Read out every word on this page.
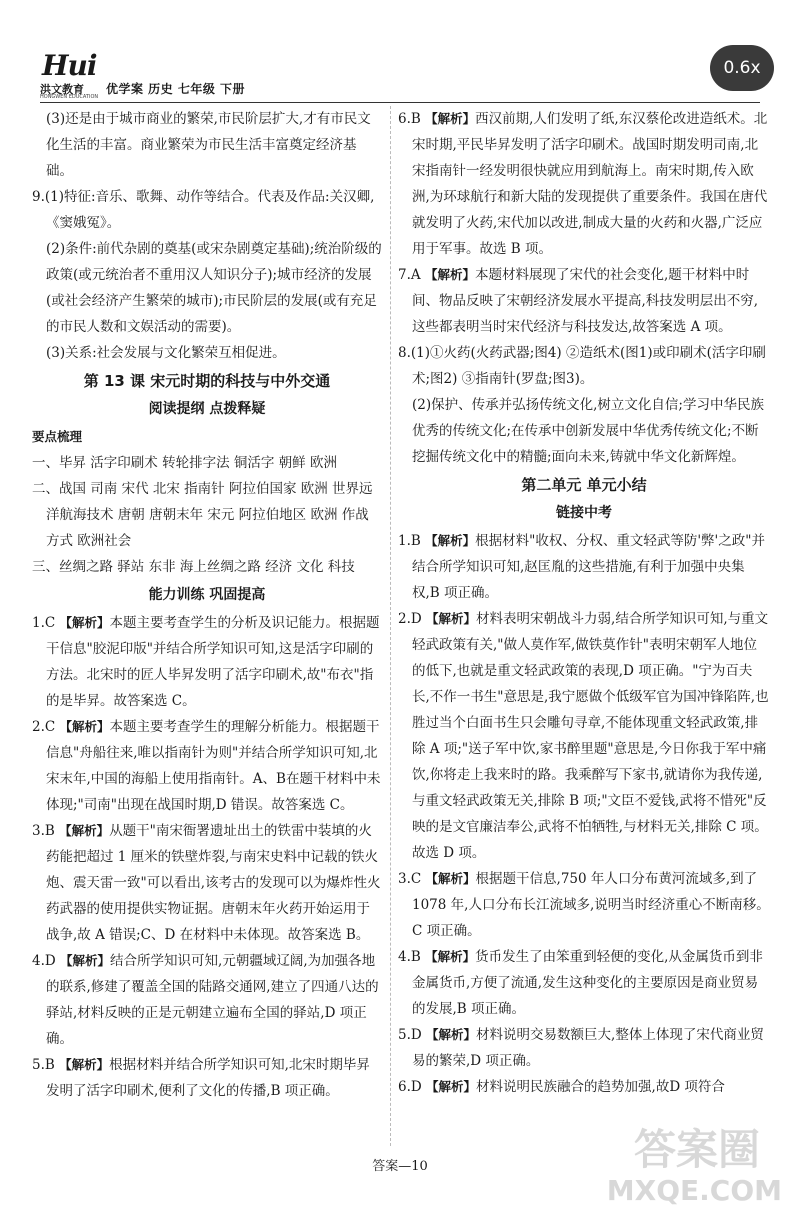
Hui
洪文教育
HONGWEN EDUCATION
优学案 历史 七年级 下册
0.6x

(3)还是由于城市商业的繁荣,市民阶层扩大,才有市民文化生活的丰富。商业繁荣为市民生活丰富奠定经济基础。

9.(1)特征:音乐、歌舞、动作等结合。代表及作品:关汉卿,《窦娥冤》。

(2)条件:前代杂剧的奠基(或宋杂剧奠定基础);统治阶级的政策(或元统治者不重用汉人知识分子);城市经济的发展(或社会经济产生繁荣的城市);市民阶层的发展(或有充足的市民人数和文娱活动的需要)。

(3)关系:社会发展与文化繁荣互相促进。

第 13 课 宋元时期的科技与中外交通
阅读提纲 点拨释疑

要点梳理

一、毕昇 活字印刷术 转轮排字法 铜活字 朝鲜 欧洲

二、战国 司南 宋代 北宋 指南针 阿拉伯国家 欧洲 世界远洋航海技术 唐朝 唐朝末年 宋元 阿拉伯地区 欧洲 作战方式 欧洲社会

三、丝绸之路 驿站 东非 海上丝绸之路 经济 文化 科技

能力训练 巩固提高

1.C 【解析】本题主要考查学生的分析及识记能力。根据题干信息"胶泥印版"并结合所学知识可知,这是活字印刷的方法。北宋时的匠人毕昇发明了活字印刷术,故"布衣"指的是毕昇。故答案选 C。

2.C 【解析】本题主要考查学生的理解分析能力。根据题干信息"舟船往来,唯以指南针为则"并结合所学知识可知,北宋末年,中国的海船上使用指南针。A、B在题干材料中未体现;"司南"出现在战国时期,D 错误。故答案选 C。

3.B 【解析】从题干"南宋衙署遗址出土的铁雷中装填的火药能把超过 1 厘米的铁壁炸裂,与南宋史料中记载的铁火炮、震天雷一致"可以看出,该考古的发现可以为爆炸性火药武器的使用提供实物证据。唐朝末年火药开始运用于战争,故 A 错误;C、D 在材料中未体现。故答案选 B。

4.D 【解析】结合所学知识可知,元朝疆域辽阔,为加强各地的联系,修建了覆盖全国的陆路交通网,建立了四通八达的驿站,材料反映的正是元朝建立遍布全国的驿站,D 项正确。

5.B 【解析】根据材料并结合所学知识可知,北宋时期毕昇发明了活字印刷术,便利了文化的传播,B 项正确。

6.B 【解析】西汉前期,人们发明了纸,东汉蔡伦改进造纸术。北宋时期,平民毕昇发明了活字印刷术。战国时期发明司南,北宋指南针一经发明很快就应用到航海上。南宋时期,传入欧洲,为环球航行和新大陆的发现提供了重要条件。我国在唐代就发明了火药,宋代加以改进,制成大量的火药和火器,广泛应用于军事。故选 B 项。

7.A 【解析】本题材料展现了宋代的社会变化,题干材料中时间、物品反映了宋朝经济发展水平提高,科技发明层出不穷,这些都表明当时宋代经济与科技发达,故答案选 A 项。

8.(1)①火药(火药武器;图4) ②造纸术(图1)或印刷术(活字印刷术;图2) ③指南针(罗盘;图3)。

(2)保护、传承并弘扬传统文化,树立文化自信;学习中华民族优秀的传统文化;在传承中创新发展中华优秀传统文化;不断挖掘传统文化中的精髓;面向未来,铸就中华文化新辉煌。

第二单元 单元小结
链接中考

1.B 【解析】根据材料"收权、分权、重文轻武等防'弊'之政"并结合所学知识可知,赵匡胤的这些措施,有利于加强中央集权,B 项正确。

2.D 【解析】材料表明宋朝战斗力弱,结合所学知识可知,与重文轻武政策有关,"做人莫作军,做铁莫作针"表明宋朝军人地位的低下,也就是重文轻武政策的表现,D 项正确。"宁为百夫长,不作一书生"意思是,我宁愿做个低级军官为国冲锋陷阵,也胜过当个白面书生只会雕句寻章,不能体现重文轻武政策,排除 A 项;"送子军中饮,家书醉里题"意思是,今日你我于军中痛饮,你将走上我来时的路。我乘醉写下家书,就请你为我传递,与重文轻武政策无关,排除 B 项;"文臣不爱钱,武将不惜死"反映的是文官廉洁奉公,武将不怕牺牲,与材料无关,排除 C 项。故选 D 项。

3.C 【解析】根据题干信息,750 年人口分布黄河流域多,到了 1078 年,人口分布长江流域多,说明当时经济重心不断南移。C 项正确。

4.B 【解析】货币发生了由笨重到轻便的变化,从金属货币到非金属货币,方便了流通,发生这种变化的主要原因是商业贸易的发展,B 项正确。

5.D 【解析】材料说明交易数额巨大,整体上体现了宋代商业贸易的繁荣,D 项正确。

6.D 【解析】材料说明民族融合的趋势加强,故D 项符合

答案—10	答案圈
MXQE.COM
